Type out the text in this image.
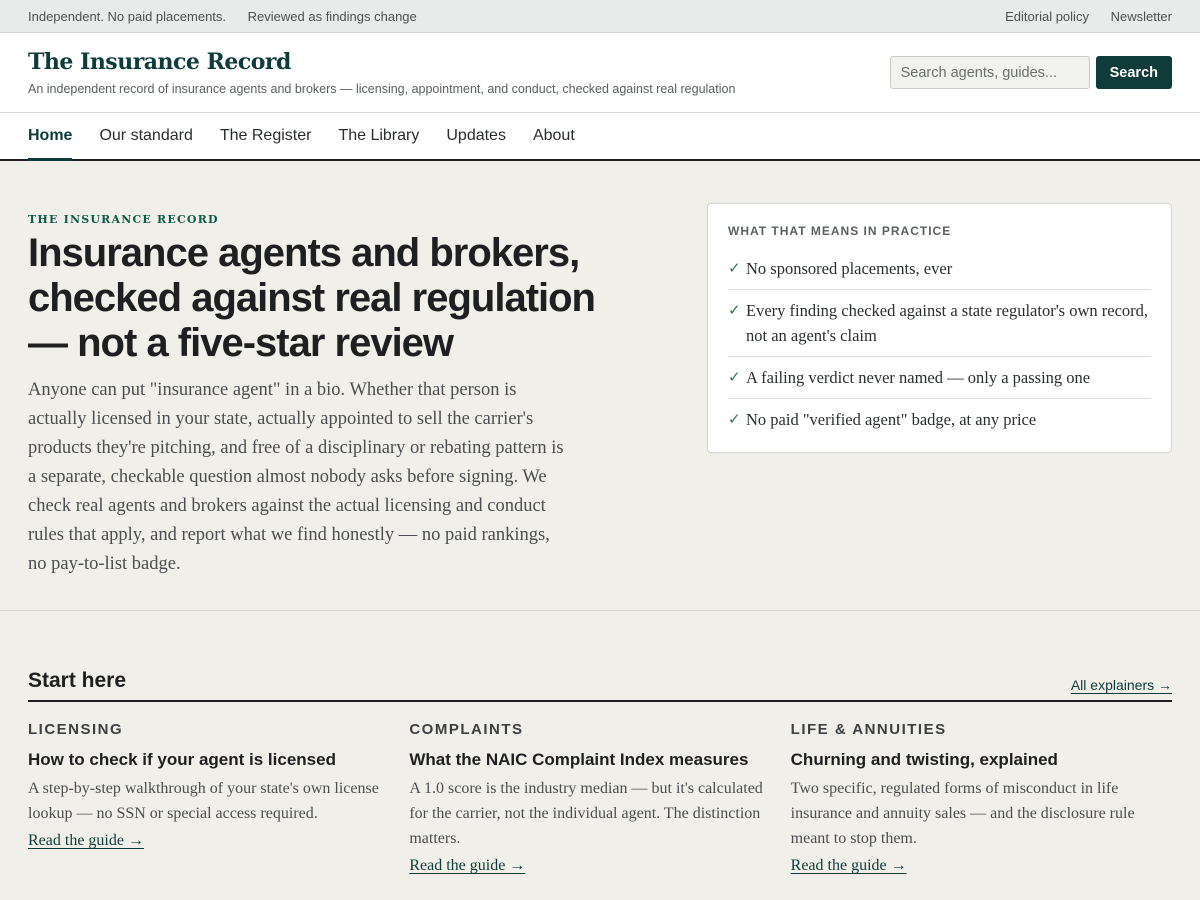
Independent. No paid placements. Reviewed as findings change	Editorial policy Newsletter
The Insurance Record
An independent record of insurance agents and brokers — licensing, appointment, and conduct, checked against real regulation
Search agents, guides...
Search
Home Our standard The Register The Library Updates About
THE INSURANCE RECORD
Insurance agents and brokers, checked against real regulation — not a five-star review

Anyone can put "insurance agent" in a bio. Whether that person is actually licensed in your state, actually appointed to sell the carrier's products they're pitching, and free of a disciplinary or rebating pattern is a separate, checkable question almost nobody asks before signing. We check real agents and brokers against the actual licensing and conduct rules that apply, and report what we find honestly — no paid rankings, no pay-to-list badge.

WHAT THAT MEANS IN PRACTICE
✓ No sponsored placements, ever
✓ Every finding checked against a state regulator's own record, not an agent's claim
✓ A failing verdict never named — only a passing one
✓ No paid "verified agent" badge, at any price
Start here	All explainers →
LICENSING
How to check if your agent is licensed
A step-by-step walkthrough of your state's own license lookup — no SSN or special access required.
Read the guide →
COMPLAINTS
What the NAIC Complaint Index measures
A 1.0 score is the industry median — but it's calculated for the carrier, not the individual agent. The distinction matters.
Read the guide →
LIFE & ANNUITIES
Churning and twisting, explained
Two specific, regulated forms of misconduct in life insurance and annuity sales — and the disclosure rule meant to stop them.
Read the guide →
